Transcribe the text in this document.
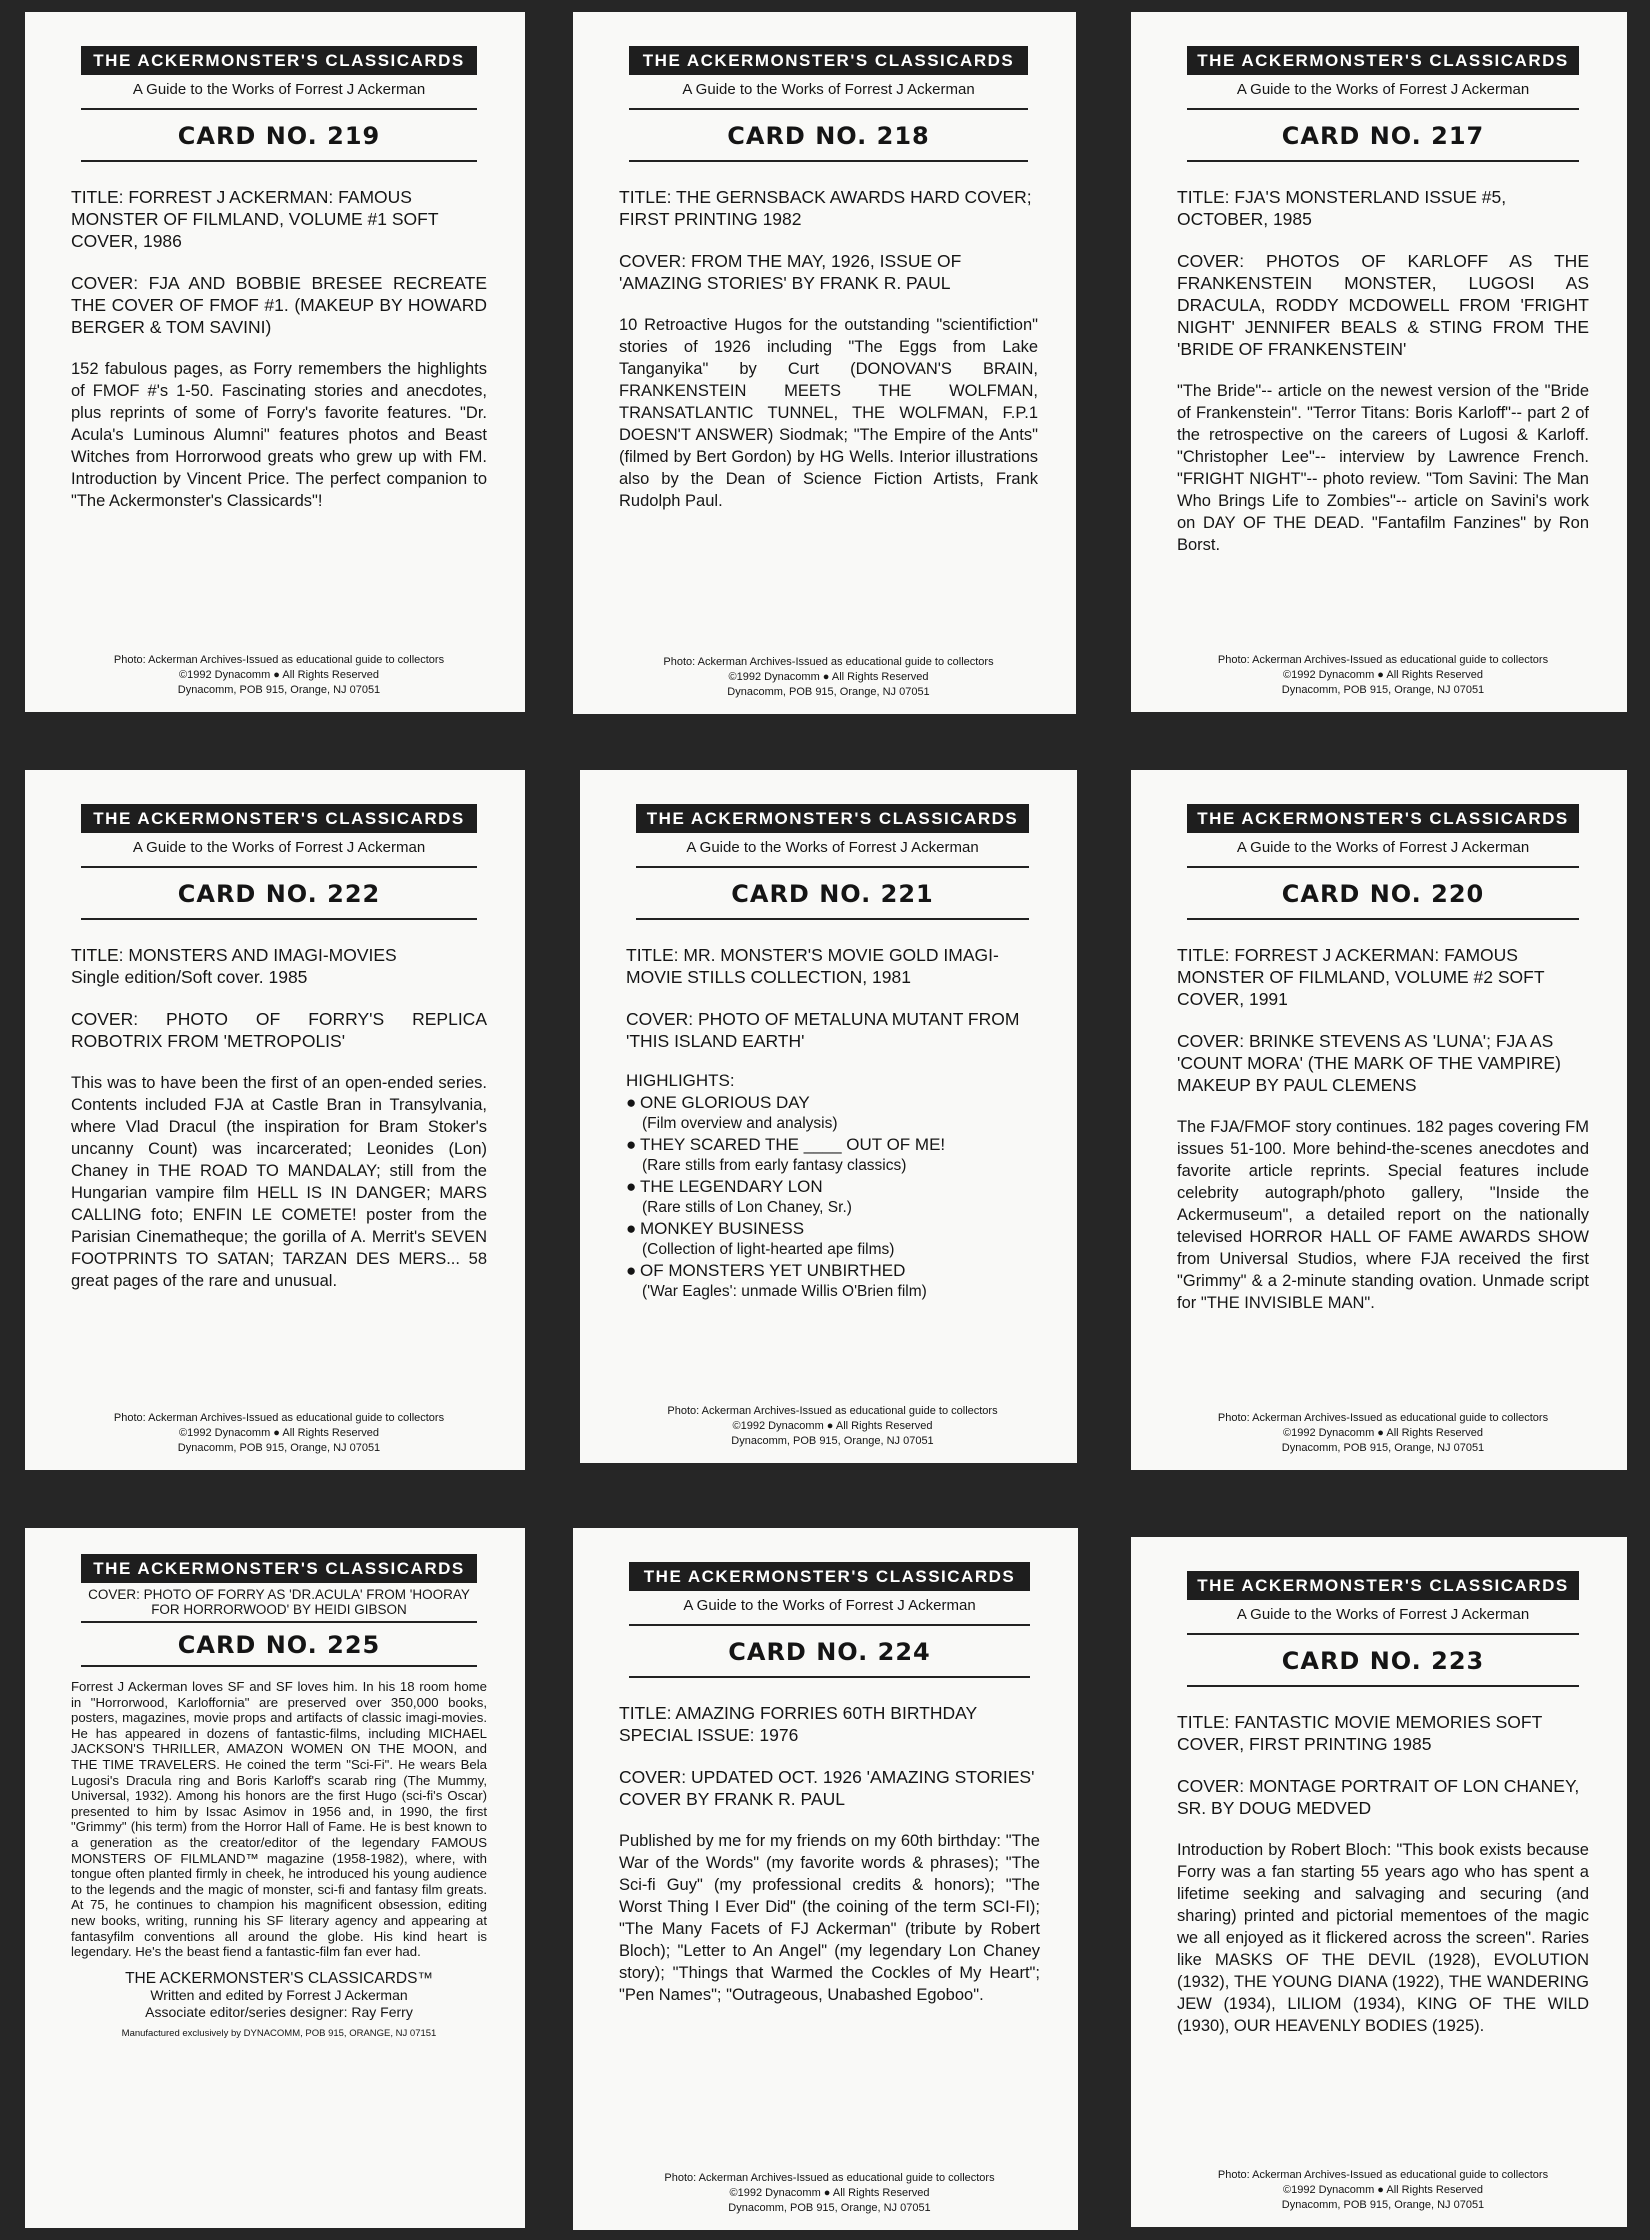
THE ACKERMONSTER'S CLASSICARDS
A Guide to the Works of Forrest J Ackerman
CARD NO. 219
TITLE: FORREST J ACKERMAN: FAMOUS MONSTER OF FILMLAND, VOLUME #1 SOFT COVER, 1986
COVER: FJA AND BOBBIE BRESEE RECREATE THE COVER OF FMOF #1. (MAKEUP BY HOWARD BERGER & TOM SAVINI)
152 fabulous pages, as Forry remembers the highlights of FMOF #'s 1-50. Fascinating stories and anecdotes, plus reprints of some of Forry's favorite features. "Dr. Acula's Luminous Alumni" features photos and Beast Witches from Horrorwood greats who grew up with FM. Introduction by Vincent Price. The perfect companion to "The Ackermonster's Classicards"!
Photo: Ackerman Archives-Issued as educational guide to collectors
©1992 Dynacomm ● All Rights Reserved
Dynacomm, POB 915, Orange, NJ 07051
THE ACKERMONSTER'S CLASSICARDS
A Guide to the Works of Forrest J Ackerman
CARD NO. 218
TITLE: THE GERNSBACK AWARDS HARD COVER; FIRST PRINTING 1982
COVER: FROM THE MAY, 1926, ISSUE OF 'AMAZING STORIES' BY FRANK R. PAUL
10 Retroactive Hugos for the outstanding "scientifiction" stories of 1926 including "The Eggs from Lake Tanganyika" by Curt (DONOVAN'S BRAIN, FRANKENSTEIN MEETS THE WOLFMAN, TRANSATLANTIC TUNNEL, THE WOLFMAN, F.P.1 DOESN'T ANSWER) Siodmak; "The Empire of the Ants" (filmed by Bert Gordon) by HG Wells. Interior illustrations also by the Dean of Science Fiction Artists, Frank Rudolph Paul.
Photo: Ackerman Archives-Issued as educational guide to collectors
©1992 Dynacomm ● All Rights Reserved
Dynacomm, POB 915, Orange, NJ 07051
THE ACKERMONSTER'S CLASSICARDS
A Guide to the Works of Forrest J Ackerman
CARD NO. 217
TITLE: FJA'S MONSTERLAND ISSUE #5, OCTOBER, 1985
COVER: PHOTOS OF KARLOFF AS THE FRANKENSTEIN MONSTER, LUGOSI AS DRACULA, RODDY MCDOWELL FROM 'FRIGHT NIGHT' JENNIFER BEALS & STING FROM THE 'BRIDE OF FRANKENSTEIN'
"The Bride"-- article on the newest version of the "Bride of Frankenstein". "Terror Titans: Boris Karloff"-- part 2 of the retrospective on the careers of Lugosi & Karloff. "Christopher Lee"-- interview by Lawrence French. "FRIGHT NIGHT"-- photo review. "Tom Savini: The Man Who Brings Life to Zombies"-- article on Savini's work on DAY OF THE DEAD. "Fantafilm Fanzines" by Ron Borst.
Photo: Ackerman Archives-Issued as educational guide to collectors
©1992 Dynacomm ● All Rights Reserved
Dynacomm, POB 915, Orange, NJ 07051
THE ACKERMONSTER'S CLASSICARDS
A Guide to the Works of Forrest J Ackerman
CARD NO. 222
TITLE: MONSTERS AND IMAGI-MOVIES
Single edition/Soft cover. 1985
COVER: PHOTO OF FORRY'S REPLICA ROBOTRIX FROM 'METROPOLIS'
This was to have been the first of an open-ended series. Contents included FJA at Castle Bran in Transylvania, where Vlad Dracul (the inspiration for Bram Stoker's uncanny Count) was incarcerated; Leonides (Lon) Chaney in THE ROAD TO MANDALAY; still from the Hungarian vampire film HELL IS IN DANGER; MARS CALLING foto; ENFIN LE COMETE! poster from the Parisian Cinematheque; the gorilla of A. Merrit's SEVEN FOOTPRINTS TO SATAN; TARZAN DES MERS... 58 great pages of the rare and unusual.
Photo: Ackerman Archives-Issued as educational guide to collectors
©1992 Dynacomm ● All Rights Reserved
Dynacomm, POB 915, Orange, NJ 07051
THE ACKERMONSTER'S CLASSICARDS
A Guide to the Works of Forrest J Ackerman
CARD NO. 221
TITLE: MR. MONSTER'S MOVIE GOLD IMAGI-MOVIE STILLS COLLECTION, 1981
COVER: PHOTO OF METALUNA MUTANT FROM 'THIS ISLAND EARTH'
HIGHLIGHTS:
● ONE GLORIOUS DAY
(Film overview and analysis)
● THEY SCARED THE ____ OUT OF ME!
(Rare stills from early fantasy classics)
● THE LEGENDARY LON
(Rare stills of Lon Chaney, Sr.)
● MONKEY BUSINESS
(Collection of light-hearted ape films)
● OF MONSTERS YET UNBIRTHED
('War Eagles': unmade Willis O'Brien film)
Photo: Ackerman Archives-Issued as educational guide to collectors
©1992 Dynacomm ● All Rights Reserved
Dynacomm, POB 915, Orange, NJ 07051
THE ACKERMONSTER'S CLASSICARDS
A Guide to the Works of Forrest J Ackerman
CARD NO. 220
TITLE: FORREST J ACKERMAN: FAMOUS MONSTER OF FILMLAND, VOLUME #2 SOFT COVER, 1991
COVER: BRINKE STEVENS AS 'LUNA'; FJA AS 'COUNT MORA' (THE MARK OF THE VAMPIRE) MAKEUP BY PAUL CLEMENS
The FJA/FMOF story continues. 182 pages covering FM issues 51-100. More behind-the-scenes anecdotes and favorite article reprints. Special features include celebrity autograph/photo gallery, "Inside the Ackermuseum", a detailed report on the nationally televised HORROR HALL OF FAME AWARDS SHOW from Universal Studios, where FJA received the first "Grimmy" & a 2-minute standing ovation. Unmade script for "THE INVISIBLE MAN".
Photo: Ackerman Archives-Issued as educational guide to collectors
©1992 Dynacomm ● All Rights Reserved
Dynacomm, POB 915, Orange, NJ 07051
THE ACKERMONSTER'S CLASSICARDS
COVER: PHOTO OF FORRY AS 'DR.ACULA' FROM 'HOORAY FOR HORRORWOOD' BY HEIDI GIBSON
CARD NO. 225
Forrest J Ackerman loves SF and SF loves him. In his 18 room home in "Horrorwood, Karloffornia" are preserved over 350,000 books, posters, magazines, movie props and artifacts of classic imagi-movies. He has appeared in dozens of fantastic-films, including MICHAEL JACKSON'S THRILLER, AMAZON WOMEN ON THE MOON, and THE TIME TRAVELERS. He coined the term "Sci-Fi". He wears Bela Lugosi's Dracula ring and Boris Karloff's scarab ring (The Mummy, Universal, 1932). Among his honors are the first Hugo (sci-fi's Oscar) presented to him by Issac Asimov in 1956 and, in 1990, the first "Grimmy" (his term) from the Horror Hall of Fame. He is best known to a generation as the creator/editor of the legendary FAMOUS MONSTERS OF FILMLAND™ magazine (1958-1982), where, with tongue often planted firmly in cheek, he introduced his young audience to the legends and the magic of monster, sci-fi and fantasy film greats. At 75, he continues to champion his magnificent obsession, editing new books, writing, running his SF literary agency and appearing at fantasyfilm conventions all around the globe. His kind heart is legendary. He's the beast fiend a fantastic-film fan ever had.
THE ACKERMONSTER'S CLASSICARDS™
Written and edited by Forrest J Ackerman
Associate editor/series designer: Ray Ferry
Manufactured exclusively by DYNACOMM, POB 915, ORANGE, NJ 07151
THE ACKERMONSTER'S CLASSICARDS
A Guide to the Works of Forrest J Ackerman
CARD NO. 224
TITLE: AMAZING FORRIES 60TH BIRTHDAY SPECIAL ISSUE: 1976
COVER: UPDATED OCT. 1926 'AMAZING STORIES' COVER BY FRANK R. PAUL
Published by me for my friends on my 60th birthday: "The War of the Words" (my favorite words & phrases); "The Sci-fi Guy" (my professional credits & honors); "The Worst Thing I Ever Did" (the coining of the term SCI-FI); "The Many Facets of FJ Ackerman" (tribute by Robert Bloch); "Letter to An Angel" (my legendary Lon Chaney story); "Things that Warmed the Cockles of My Heart"; "Pen Names"; "Outrageous, Unabashed Egoboo".
Photo: Ackerman Archives-Issued as educational guide to collectors
©1992 Dynacomm ● All Rights Reserved
Dynacomm, POB 915, Orange, NJ 07051
THE ACKERMONSTER'S CLASSICARDS
A Guide to the Works of Forrest J Ackerman
CARD NO. 223
TITLE: FANTASTIC MOVIE MEMORIES SOFT COVER, FIRST PRINTING 1985
COVER: MONTAGE PORTRAIT OF LON CHANEY, SR. BY DOUG MEDVED
Introduction by Robert Bloch: "This book exists because Forry was a fan starting 55 years ago who has spent a lifetime seeking and salvaging and securing (and sharing) printed and pictorial mementoes of the magic we all enjoyed as it flickered across the screen". Raries like MASKS OF THE DEVIL (1928), EVOLUTION (1932), THE YOUNG DIANA (1922), THE WANDERING JEW (1934), LILIOM (1934), KING OF THE WILD (1930), OUR HEAVENLY BODIES (1925).
Photo: Ackerman Archives-Issued as educational guide to collectors
©1992 Dynacomm ● All Rights Reserved
Dynacomm, POB 915, Orange, NJ 07051
